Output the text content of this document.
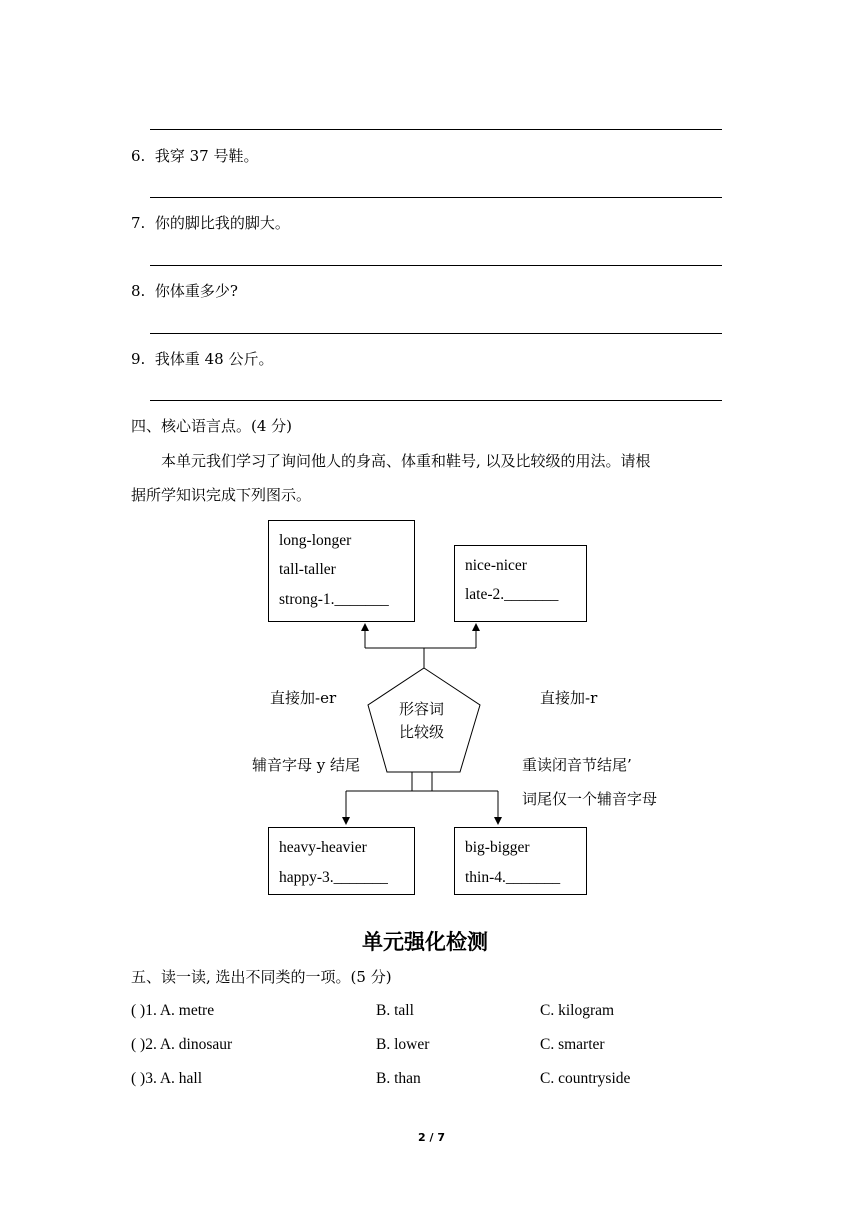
6. 我穿 37 号鞋。
7. 你的脚比我的脚大。
8. 你体重多少?
9. 我体重 48 公斤。
四、核心语言点。(4 分)
本单元我们学习了询问他人的身高、体重和鞋号, 以及比较级的用法。请根
据所学知识完成下列图示。
形容词
比较级
直接加-er	直接加-r
辅音字母 y 结尾	重读闭音节结尾’
词尾仅一个辅音字母
long-longer
tall-taller
strong-1._______
nice-nicer
late-2._______
heavy-heavier
happy-3._______
big-bigger
thin-4._______
单元强化检测
五、读一读, 选出不同类的一项。(5 分)
( )1. A. metre	B. tall	C. kilogram
( )2. A. dinosaur	B. lower	C. smarter
( )3. A. hall	B. than	C. countryside
2 / 7
